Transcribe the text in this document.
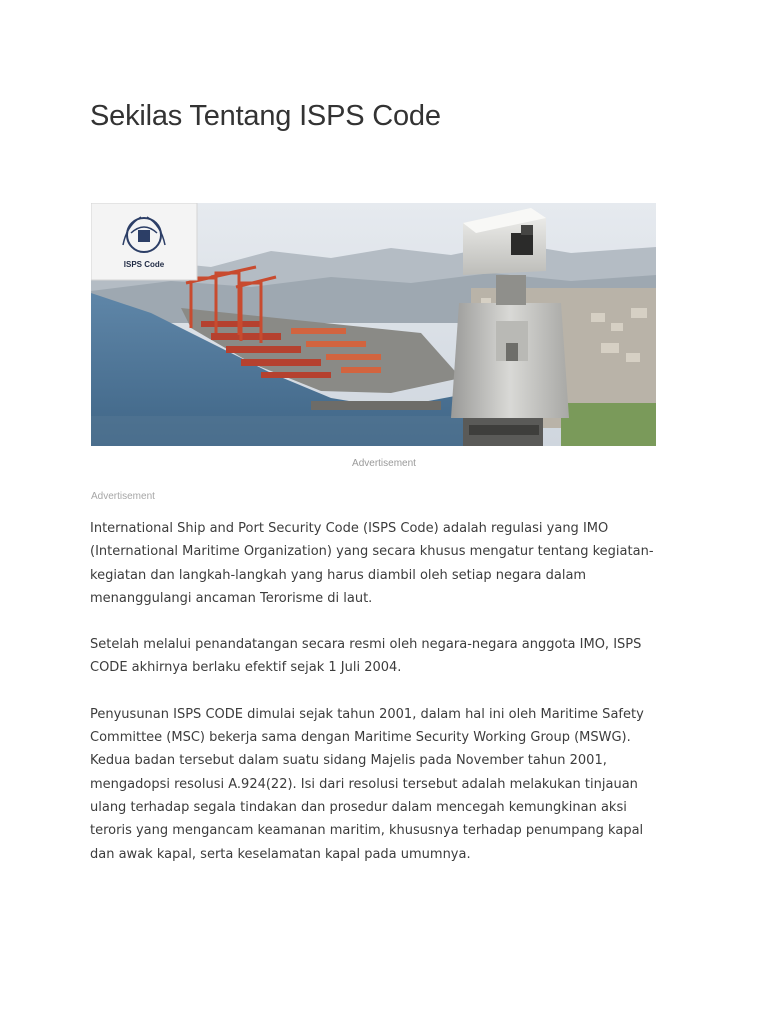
Sekilas Tentang ISPS Code
ISPS Code
Advertisement
Advertisement

International Ship and Port Security Code (ISPS Code) adalah regulasi yang IMO
(International Maritime Organization) yang secara khusus mengatur tentang kegiatan-
kegiatan dan langkah-langkah yang harus diambil oleh setiap negara dalam
menanggulangi ancaman Terorisme di laut.

Setelah melalui penandatangan secara resmi oleh negara-negara anggota IMO, ISPS
CODE akhirnya berlaku efektif sejak 1 Juli 2004.

Penyusunan ISPS CODE dimulai sejak tahun 2001, dalam hal ini oleh Maritime Safety
Committee (MSC) bekerja sama dengan Maritime Security Working Group (MSWG).
Kedua badan tersebut dalam suatu sidang Majelis pada November tahun 2001,
mengadopsi resolusi A.924(22). Isi dari resolusi tersebut adalah melakukan tinjauan
ulang terhadap segala tindakan dan prosedur dalam mencegah kemungkinan aksi
teroris yang mengancam keamanan maritim, khususnya terhadap penumpang kapal
dan awak kapal, serta keselamatan kapal pada umumnya.
